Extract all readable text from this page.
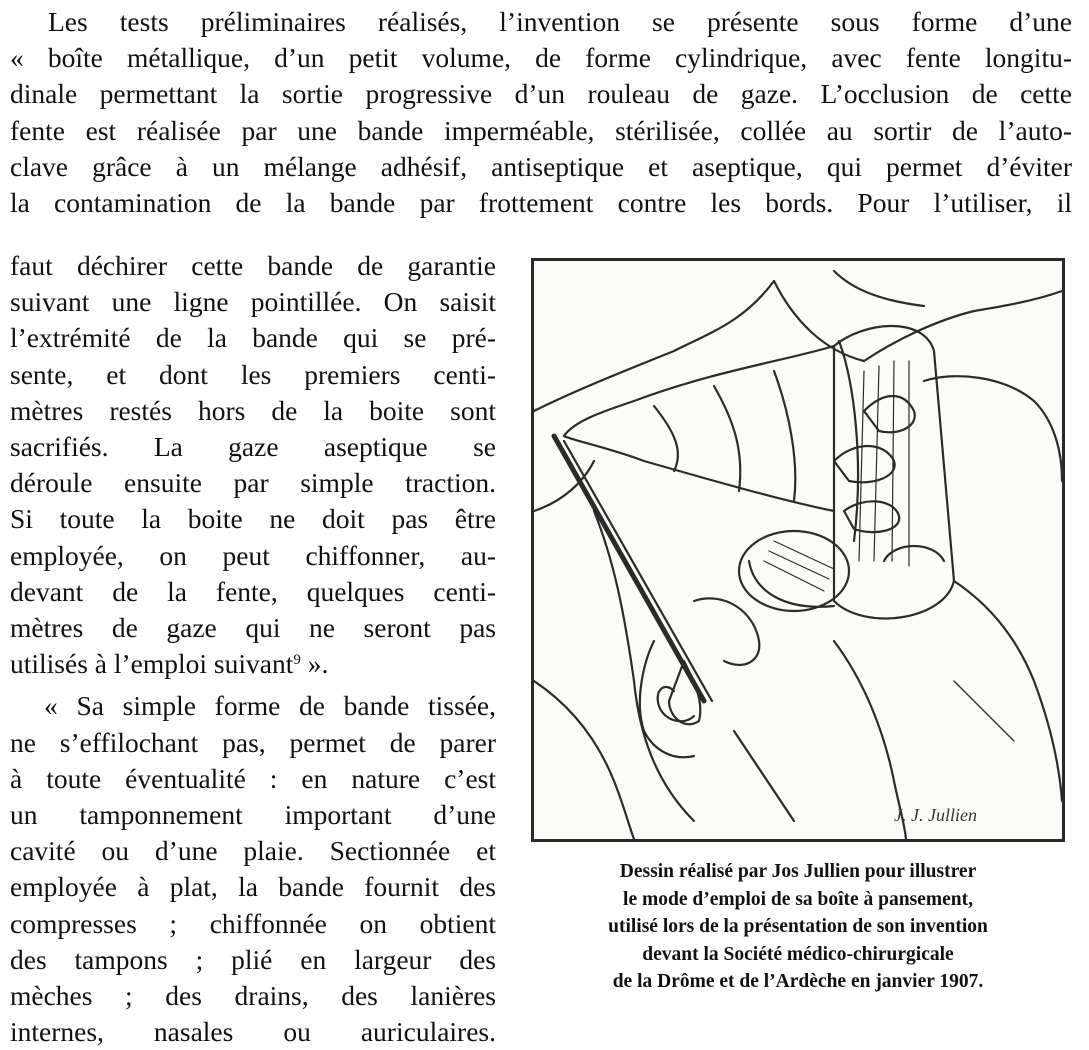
Les tests préliminaires réalisés, l’invention se présente sous forme d’une
« boîte métallique, d’un petit volume, de forme cylindrique, avec fente longitu-
dinale permettant la sortie progressive d’un rouleau de gaze. L’occlusion de cette
fente est réalisée par une bande imperméable, stérilisée, collée au sortir de l’auto-
clave grâce à un mélange adhésif, antiseptique et aseptique, qui permet d’éviter
la contamination de la bande par frottement contre les bords. Pour l’utiliser, il
faut déchirer cette bande de garantie
suivant une ligne pointillée. On saisit
l’extrémité de la bande qui se pré-
sente, et dont les premiers centi-
mètres restés hors de la boite sont
sacrifiés. La gaze aseptique se
déroule ensuite par simple traction.
Si toute la boite ne doit pas être
employée, on peut chiffonner, au-
devant de la fente, quelques centi-
mètres de gaze qui ne seront pas
utilisés à l’emploi suivant$^9$ ».
« Sa simple forme de bande tissée,
ne s’effilochant pas, permet de parer
à toute éventualité : en nature c’est
un tamponnement important d’une
cavité ou d’une plaie. Sectionnée et
employée à plat, la bande fournit des
compresses ; chiffonnée on obtient
des tampons ; plié en largeur des
mèches ; des drains, des lanières
internes, nasales ou auriculaires.
J. J. Jullien
Dessin réalisé par Jos Jullien pour illustrer
le mode d’emploi de sa boîte à pansement,
utilisé lors de la présentation de son invention
devant la Société médico-chirurgicale
de la Drôme et de l’Ardèche en janvier 1907.
